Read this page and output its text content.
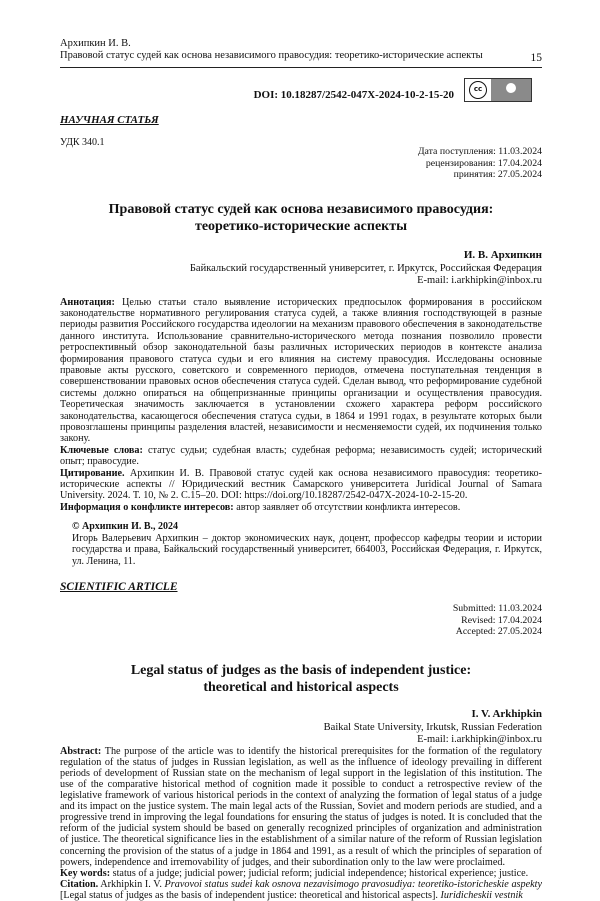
Архипкин И. В.
Правовой статус судей как основа независимого правосудия: теоретико-исторические аспекты	15
DOI: 10.18287/2542-047X-2024-10-2-15-20	cc
НАУЧНАЯ СТАТЬЯ
УДК 340.1
Дата поступления: 11.03.2024
рецензирования: 17.04.2024
принятия: 27.05.2024
Правовой статус судей как основа независимого правосудия:
теоретико-исторические аспекты
И. В. Архипкин
Байкальский государственный университет, г. Иркутск, Российская Федерация
E-mail: i.arkhipkin@inbox.ru

Аннотация: Целью статьи стало выявление исторических предпосылок формирования в российском законодательстве нормативного регулирования статуса судей, а также влияния господствующей в разные периоды развития Российского государства идеологии на механизм правового обеспечения в законодательстве данного института. Использование сравнительно-исторического метода познания позволило провести ретроспективный обзор законодательной базы различных исторических периодов в контексте анализа формирования правового статуса судьи и его влияния на систему правосудия. Исследованы основные правовые акты русского, советского и современного периодов, отмечена поступательная тенденция в совершенствовании правовых основ обеспечения статуса судей. Сделан вывод, что реформирование судебной системы должно опираться на общепризнанные принципы организации и осуществления правосудия. Теоретическая значимость заключается в установлении схожего характера реформ российского законодательства, касающегося обеспечения статуса судьи, в 1864 и 1991 годах, в результате которых были провозглашены принципы разделения властей, независимости и несменяемости судей, их подчинения только закону.

Ключевые слова: статус судьи; судебная власть; судебная реформа; независимость судей; исторический опыт; правосудие.

Цитирование. Архипкин И. В. Правовой статус судей как основа независимого правосудия: теоретико-исторические аспекты // Юридический вестник Самарского университета Juridical Journal of Samara University. 2024. Т. 10, № 2. С.15–20. DOI: https://doi.org/10.18287/2542-047X-2024-10-2-15-20.

Информация о конфликте интересов: автор заявляет об отсутствии конфликта интересов.

© Архипкин И. В., 2024
Игорь Валерьевич Архипкин – доктор экономических наук, доцент, профессор кафедры теории и истории государства и права, Байкальский государственный университет, 664003, Российская Федерация, г. Иркутск, ул. Ленина, 11.
SCIENTIFIC ARTICLE
Submitted: 11.03.2024
Revised: 17.04.2024
Accepted: 27.05.2024
Legal status of judges as the basis of independent justice:
theoretical and historical aspects
I. V. Arkhipkin
Baikal State University, Irkutsk, Russian Federation
E-mail: i.arkhipkin@inbox.ru

Abstract: The purpose of the article was to identify the historical prerequisites for the formation of the regulatory regulation of the status of judges in Russian legislation, as well as the influence of ideology prevailing in different periods of development of Russian state on the mechanism of legal support in the legislation of this institution. The use of the comparative historical method of cognition made it possible to conduct a retrospective review of the legislative framework of various historical periods in the context of analyzing the formation of legal status of a judge and its impact on the justice system. The main legal acts of the Russian, Soviet and modern periods are studied, and a progressive trend in improving the legal foundations for ensuring the status of judges is noted. It is concluded that the reform of the judicial system should be based on generally recognized principles of organization and administration of justice. The theoretical significance lies in the establishment of a similar nature of the reform of Russian legislation concerning the provision of the status of a judge in 1864 and 1991, as a result of which the principles of separation of powers, independence and irremovability of judges, and their subordination only to the law were proclaimed.

Key words: status of a judge; judicial power; judicial reform; judicial independence; historical experience; justice.

Citation. Arkhipkin I. V. Pravovoi status sudei kak osnova nezavisimogo pravosudiya: teoretiko-istoricheskie aspekty [Legal status of judges as the basis of independent justice: theoretical and historical aspects]. Iuridicheskii vestnik
